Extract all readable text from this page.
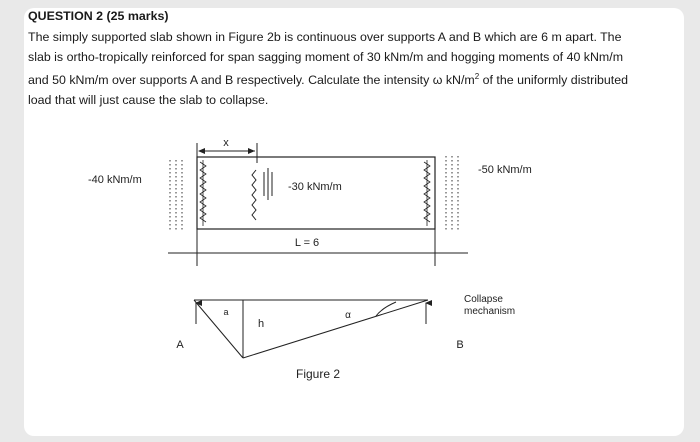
QUESTION 2 (25 marks)

The simply supported slab shown in Figure 2b is continuous over supports A and B which are 6 m apart. The slab is ortho-tropically reinforced for span sagging moment of 30 kNm/m and hogging moments of 40 kNm/m and 50 kNm/m over supports A and B respectively. Calculate the intensity ω $kN/m^2$ of the uniformly distributed load that will just cause the slab to collapse.

x
-40 kNm/m
-30 kNm/m
-50 kNm/m
L = 6
a	α
h
A	B
Collapse
mechanism
Figure 2
